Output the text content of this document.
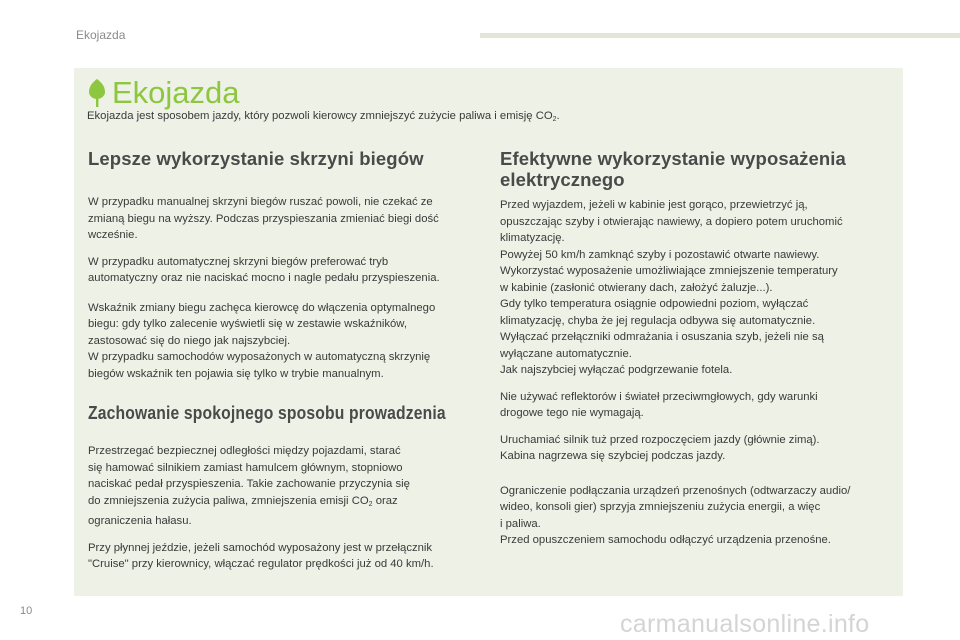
Ekojazda
Ekojazda
Ekojazda jest sposobem jazdy, który pozwoli kierowcy zmniejszyć zużycie paliwa i emisję $CO_2$.
Lepsze wykorzystanie skrzyni biegów

W przypadku manualnej skrzyni biegów ruszać powoli, nie czekać ze
zmianą biegu na wyższy. Podczas przyspieszania zmieniać biegi dość
wcześnie.

W przypadku automatycznej skrzyni biegów preferować tryb
automatyczny oraz nie naciskać mocno i nagle pedału przyspieszenia.

Wskaźnik zmiany biegu zachęca kierowcę do włączenia optymalnego
biegu: gdy tylko zalecenie wyświetli się w zestawie wskaźników,
zastosować się do niego jak najszybciej.
W przypadku samochodów wyposażonych w automatyczną skrzynię
biegów wskaźnik ten pojawia się tylko w trybie manualnym.

Zachowanie spokojnego sposobu prowadzenia

Przestrzegać bezpiecznej odległości między pojazdami, starać
się hamować silnikiem zamiast hamulcem głównym, stopniowo
naciskać pedał przyspieszenia. Takie zachowanie przyczynia się
do zmniejszenia zużycia paliwa, zmniejszenia emisji $CO_2$ oraz
ograniczenia hałasu.

Przy płynnej jeździe, jeżeli samochód wyposażony jest w przełącznik
"Cruise" przy kierownicy, włączać regulator prędkości już od 40 km/h.

Efektywne wykorzystanie wyposażenia
elektrycznego

Przed wyjazdem, jeżeli w kabinie jest gorąco, przewietrzyć ją,
opuszczając szyby i otwierając nawiewy, a dopiero potem uruchomić
klimatyzację.
Powyżej 50 km/h zamknąć szyby i pozostawić otwarte nawiewy.
Wykorzystać wyposażenie umożliwiające zmniejszenie temperatury
w kabinie (zasłonić otwierany dach, założyć żaluzje...).
Gdy tylko temperatura osiągnie odpowiedni poziom, wyłączać
klimatyzację, chyba że jej regulacja odbywa się automatycznie.
Wyłączać przełączniki odmrażania i osuszania szyb, jeżeli nie są
wyłączane automatycznie.
Jak najszybciej wyłączać podgrzewanie fotela.

Nie używać reflektorów i świateł przeciwmgłowych, gdy warunki
drogowe tego nie wymagają.

Uruchamiać silnik tuż przed rozpoczęciem jazdy (głównie zimą).
Kabina nagrzewa się szybciej podczas jazdy.

Ograniczenie podłączania urządzeń przenośnych (odtwarzaczy audio/
wideo, konsoli gier) sprzyja zmniejszeniu zużycia energii, a więc
i paliwa.
Przed opuszczeniem samochodu odłączyć urządzenia przenośne.

10	carmanualsonline.info
